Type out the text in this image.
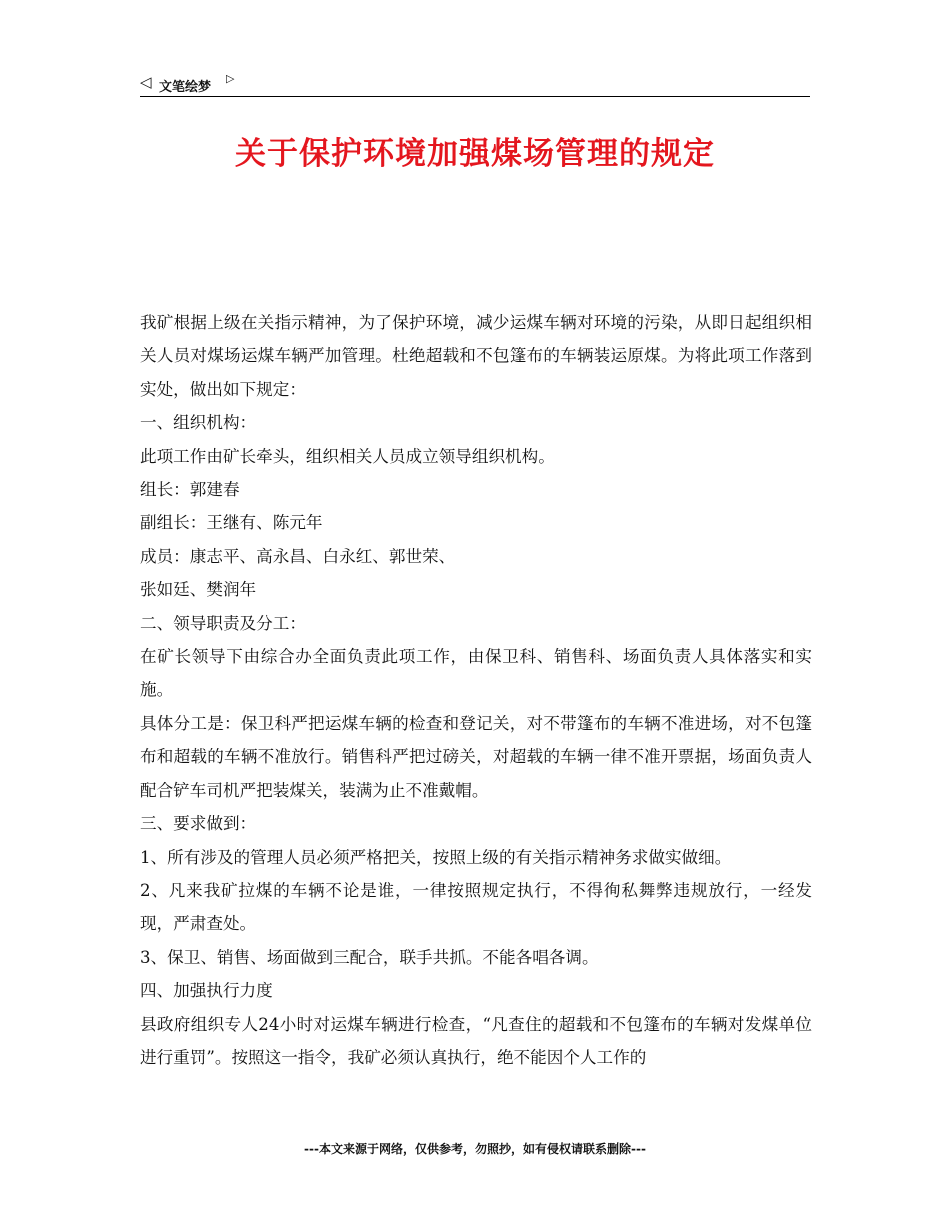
◁ 文笔绘梦
▷
关于保护环境加强煤场管理的规定

我矿根据上级在关指示精神，为了保护环境，减少运煤车辆对环境的污染，从即日起组织相关人员对煤场运煤车辆严加管理。杜绝超载和不包篷布的车辆装运原煤。为将此项工作落到实处，做出如下规定：

一、组织机构：

此项工作由矿长牵头，组织相关人员成立领导组织机构。

组长：郭建春

副组长：王继有、陈元年

成员：康志平、高永昌、白永红、郭世荣、

张如廷、樊润年

二、领导职责及分工：

在矿长领导下由综合办全面负责此项工作，由保卫科、销售科、场面负责人具体落实和实施。

具体分工是：保卫科严把运煤车辆的检查和登记关，对不带篷布的车辆不准进场，对不包篷布和超载的车辆不准放行。销售科严把过磅关，对超载的车辆一律不准开票据，场面负责人配合铲车司机严把装煤关，装满为止不准戴帽。

三、要求做到：

1、所有涉及的管理人员必须严格把关，按照上级的有关指示精神务求做实做细。

2、凡来我矿拉煤的车辆不论是谁，一律按照规定执行，不得徇私舞弊违规放行，一经发现，严肃查处。

3、保卫、销售、场面做到三配合，联手共抓。不能各唱各调。

四、加强执行力度

县政府组织专人24小时对运煤车辆进行检查，“凡查住的超载和不包篷布的车辆对发煤单位进行重罚”。按照这一指令，我矿必须认真执行，绝不能因个人工作的

---本文来源于网络，仅供参考，勿照抄，如有侵权请联系删除---
